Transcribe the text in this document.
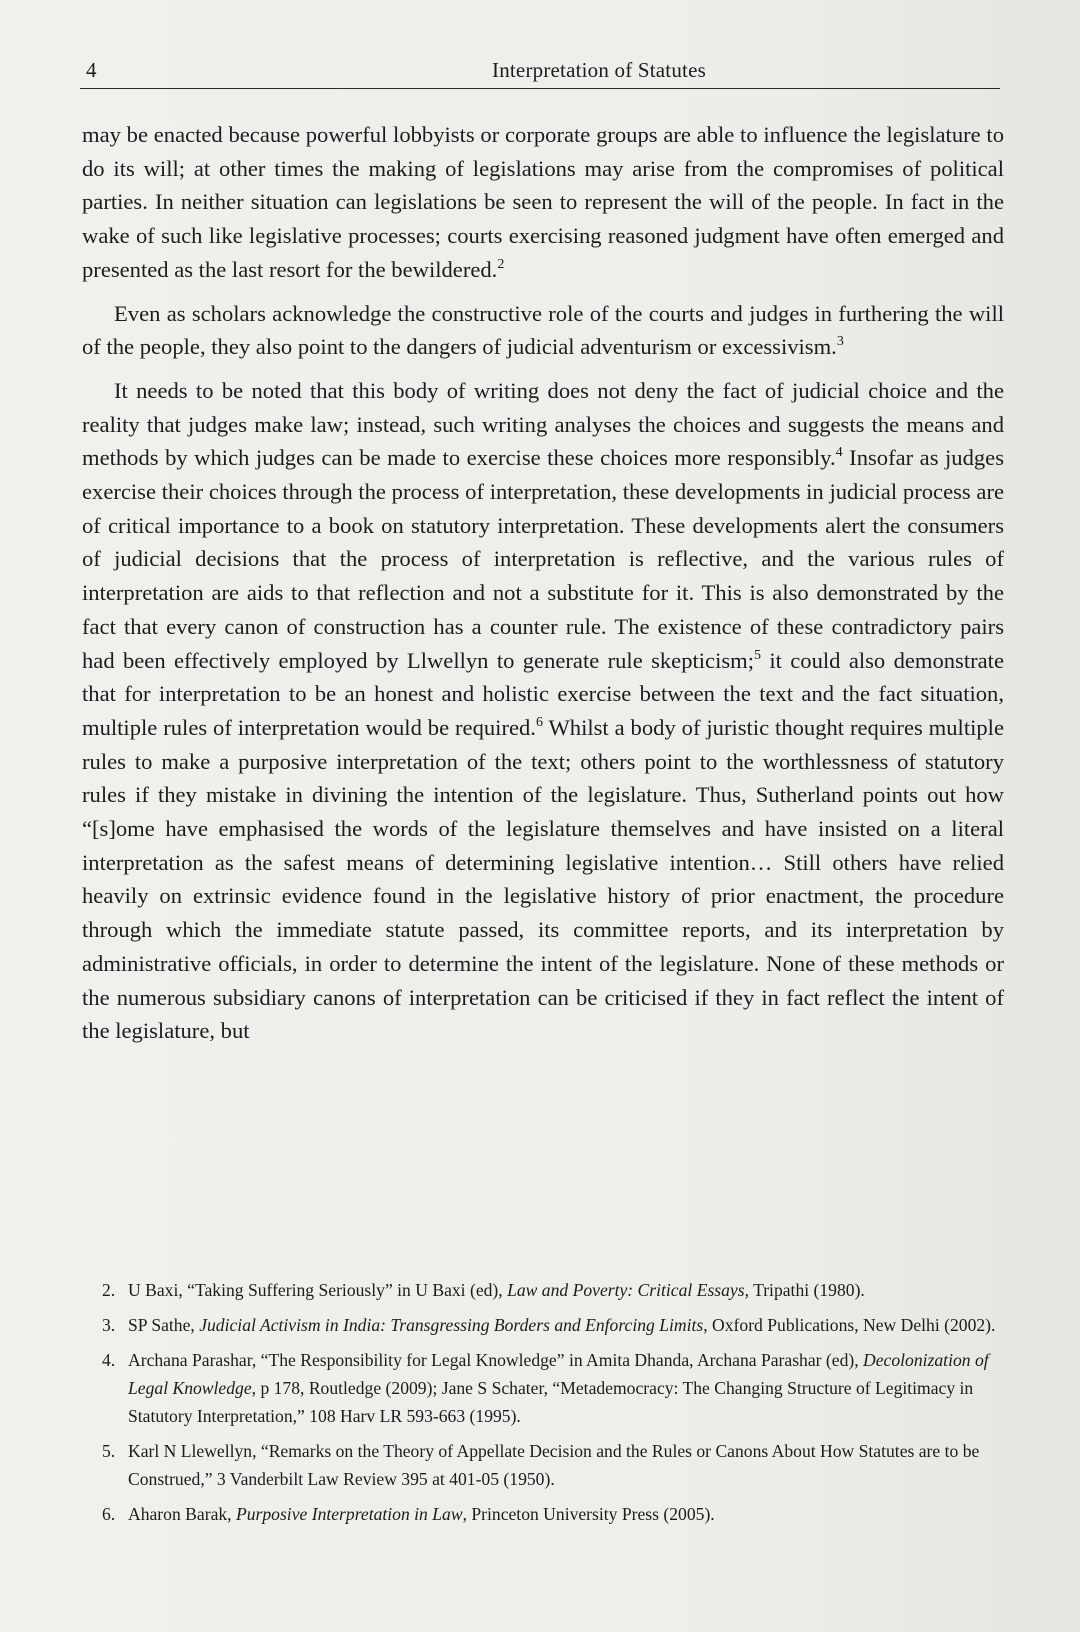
4	Interpretation of Statutes

may be enacted because powerful lobbyists or corporate groups are able to influence the legislature to do its will; at other times the making of legislations may arise from the compromises of political parties. In neither situation can legislations be seen to represent the will of the people. In fact in the wake of such like legislative processes; courts exercising reasoned judgment have often emerged and presented as the last resort for the bewildered.$^2$

Even as scholars acknowledge the constructive role of the courts and judges in furthering the will of the people, they also point to the dangers of judicial adventurism or excessivism.$^3$

It needs to be noted that this body of writing does not deny the fact of judicial choice and the reality that judges make law; instead, such writing analyses the choices and suggests the means and methods by which judges can be made to exercise these choices more responsibly.$^4$ Insofar as judges exercise their choices through the process of interpretation, these developments in judicial process are of critical importance to a book on statutory interpretation. These developments alert the consumers of judicial decisions that the process of interpretation is reflective, and the various rules of interpretation are aids to that reflection and not a substitute for it. This is also demonstrated by the fact that every canon of construction has a counter rule. The existence of these contradictory pairs had been effectively employed by Llwellyn to generate rule skepticism;$^5$ it could also demonstrate that for interpretation to be an honest and holistic exercise between the text and the fact situation, multiple rules of interpretation would be required.$^6$ Whilst a body of juristic thought requires multiple rules to make a purposive interpretation of the text; others point to the worthlessness of statutory rules if they mistake in divining the intention of the legislature. Thus, Sutherland points out how “[s]ome have emphasised the words of the legislature themselves and have insisted on a literal interpretation as the safest means of determining legislative intention… Still others have relied heavily on extrinsic evidence found in the legislative history of prior enactment, the procedure through which the immediate statute passed, its committee reports, and its interpretation by administrative officials, in order to determine the intent of the legislature. None of these methods or the numerous subsidiary canons of interpretation can be criticised if they in fact reflect the intent of the legislature, but

2. U Baxi, “Taking Suffering Seriously” in U Baxi (ed), Law and Poverty: Critical Essays, Tripathi (1980).
3. SP Sathe, Judicial Activism in India: Transgressing Borders and Enforcing Limits, Oxford Publications, New Delhi (2002).
4. Archana Parashar, “The Responsibility for Legal Knowledge” in Amita Dhanda, Archana Parashar (ed), Decolonization of Legal Knowledge, p 178, Routledge (2009); Jane S Schater, “Metademocracy: The Changing Structure of Legitimacy in Statutory Interpretation,” 108 Harv LR 593-663 (1995).
5. Karl N Llewellyn, “Remarks on the Theory of Appellate Decision and the Rules or Canons About How Statutes are to be Construed,” 3 Vanderbilt Law Review 395 at 401-05 (1950).
6. Aharon Barak, Purposive Interpretation in Law, Princeton University Press (2005).
